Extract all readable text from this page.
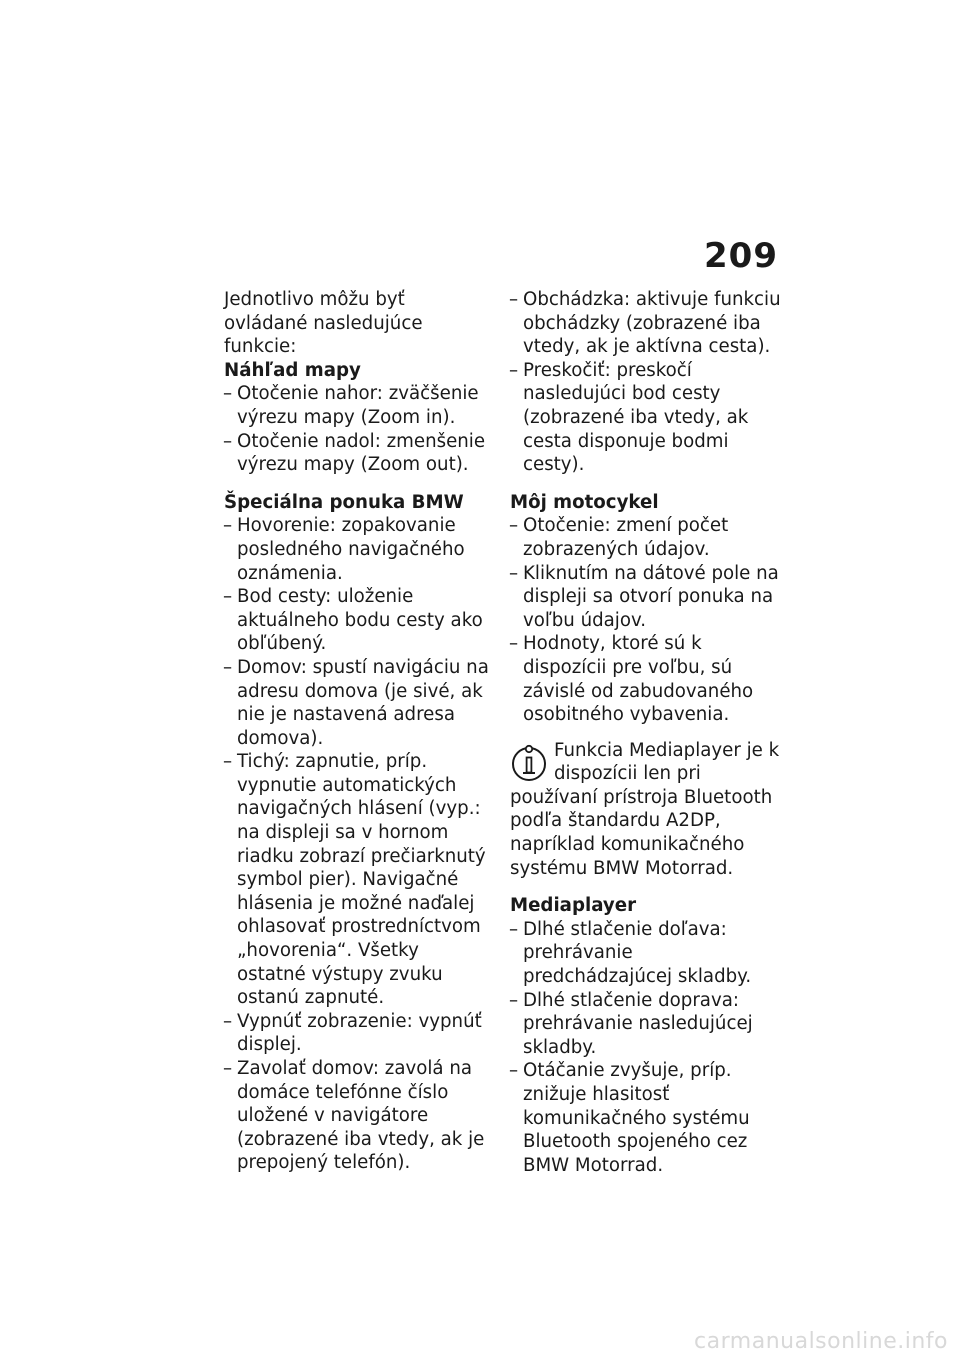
209

Jednotlivo môžu byť ovládané nasledujúce funkcie:

Náhľad mapy

– Otočenie nahor: zväčšenie výrezu mapy (Zoom in).
– Otočenie nadol: zmenšenie výrezu mapy (Zoom out).

Špeciálna ponuka BMW

– Hovorenie: zopakovanie posledného navigačného oznámenia.
– Bod cesty: uloženie aktuálneho bodu cesty ako obľúbený.
– Domov: spustí navigáciu na adresu domova (je sivé, ak nie je nastavená adresa domova).
– Tichý: zapnutie, príp. vypnutie automatických navigačných hlásení (vyp.: na displeji sa v hornom riadku zobrazí prečiarknutý symbol pier). Navigačné hlásenia je možné naďalej ohlasovať prostredníctvom „hovorenia“. Všetky ostatné výstupy zvuku ostanú zapnuté.
– Vypnúť zobrazenie: vypnúť displej.
– Zavolať domov: zavolá na domáce telefónne číslo uložené v navigátore (zobrazené iba vtedy, ak je prepojený telefón).
– Obchádzka: aktivuje funkciu obchádzky (zobrazené iba vtedy, ak je aktívna cesta).
– Preskočiť: preskočí nasledujúci bod cesty (zobrazené iba vtedy, ak cesta disponuje bodmi cesty).

Môj motocykel

– Otočenie: zmení počet zobrazených údajov.
– Kliknutím na dátové pole na displeji sa otvorí ponuka na voľbu údajov.
– Hodnoty, ktoré sú k dispozícii pre voľbu, sú závislé od zabudovaného osobitného vybavenia.

Funkcia Mediaplayer je k dispozícii len pri používaní prístroja Bluetooth podľa štandardu A2DP, napríklad komunikačného systému BMW Motorrad.

Mediaplayer

– Dlhé stlačenie doľava: prehrávanie predchádzajúcej skladby.
– Dlhé stlačenie doprava: prehrávanie nasledujúcej skladby.
– Otáčanie zvyšuje, príp. znižuje hlasitosť komunikačného systému Bluetooth spojeného cez BMW Motorrad.
carmanualsonline.info
